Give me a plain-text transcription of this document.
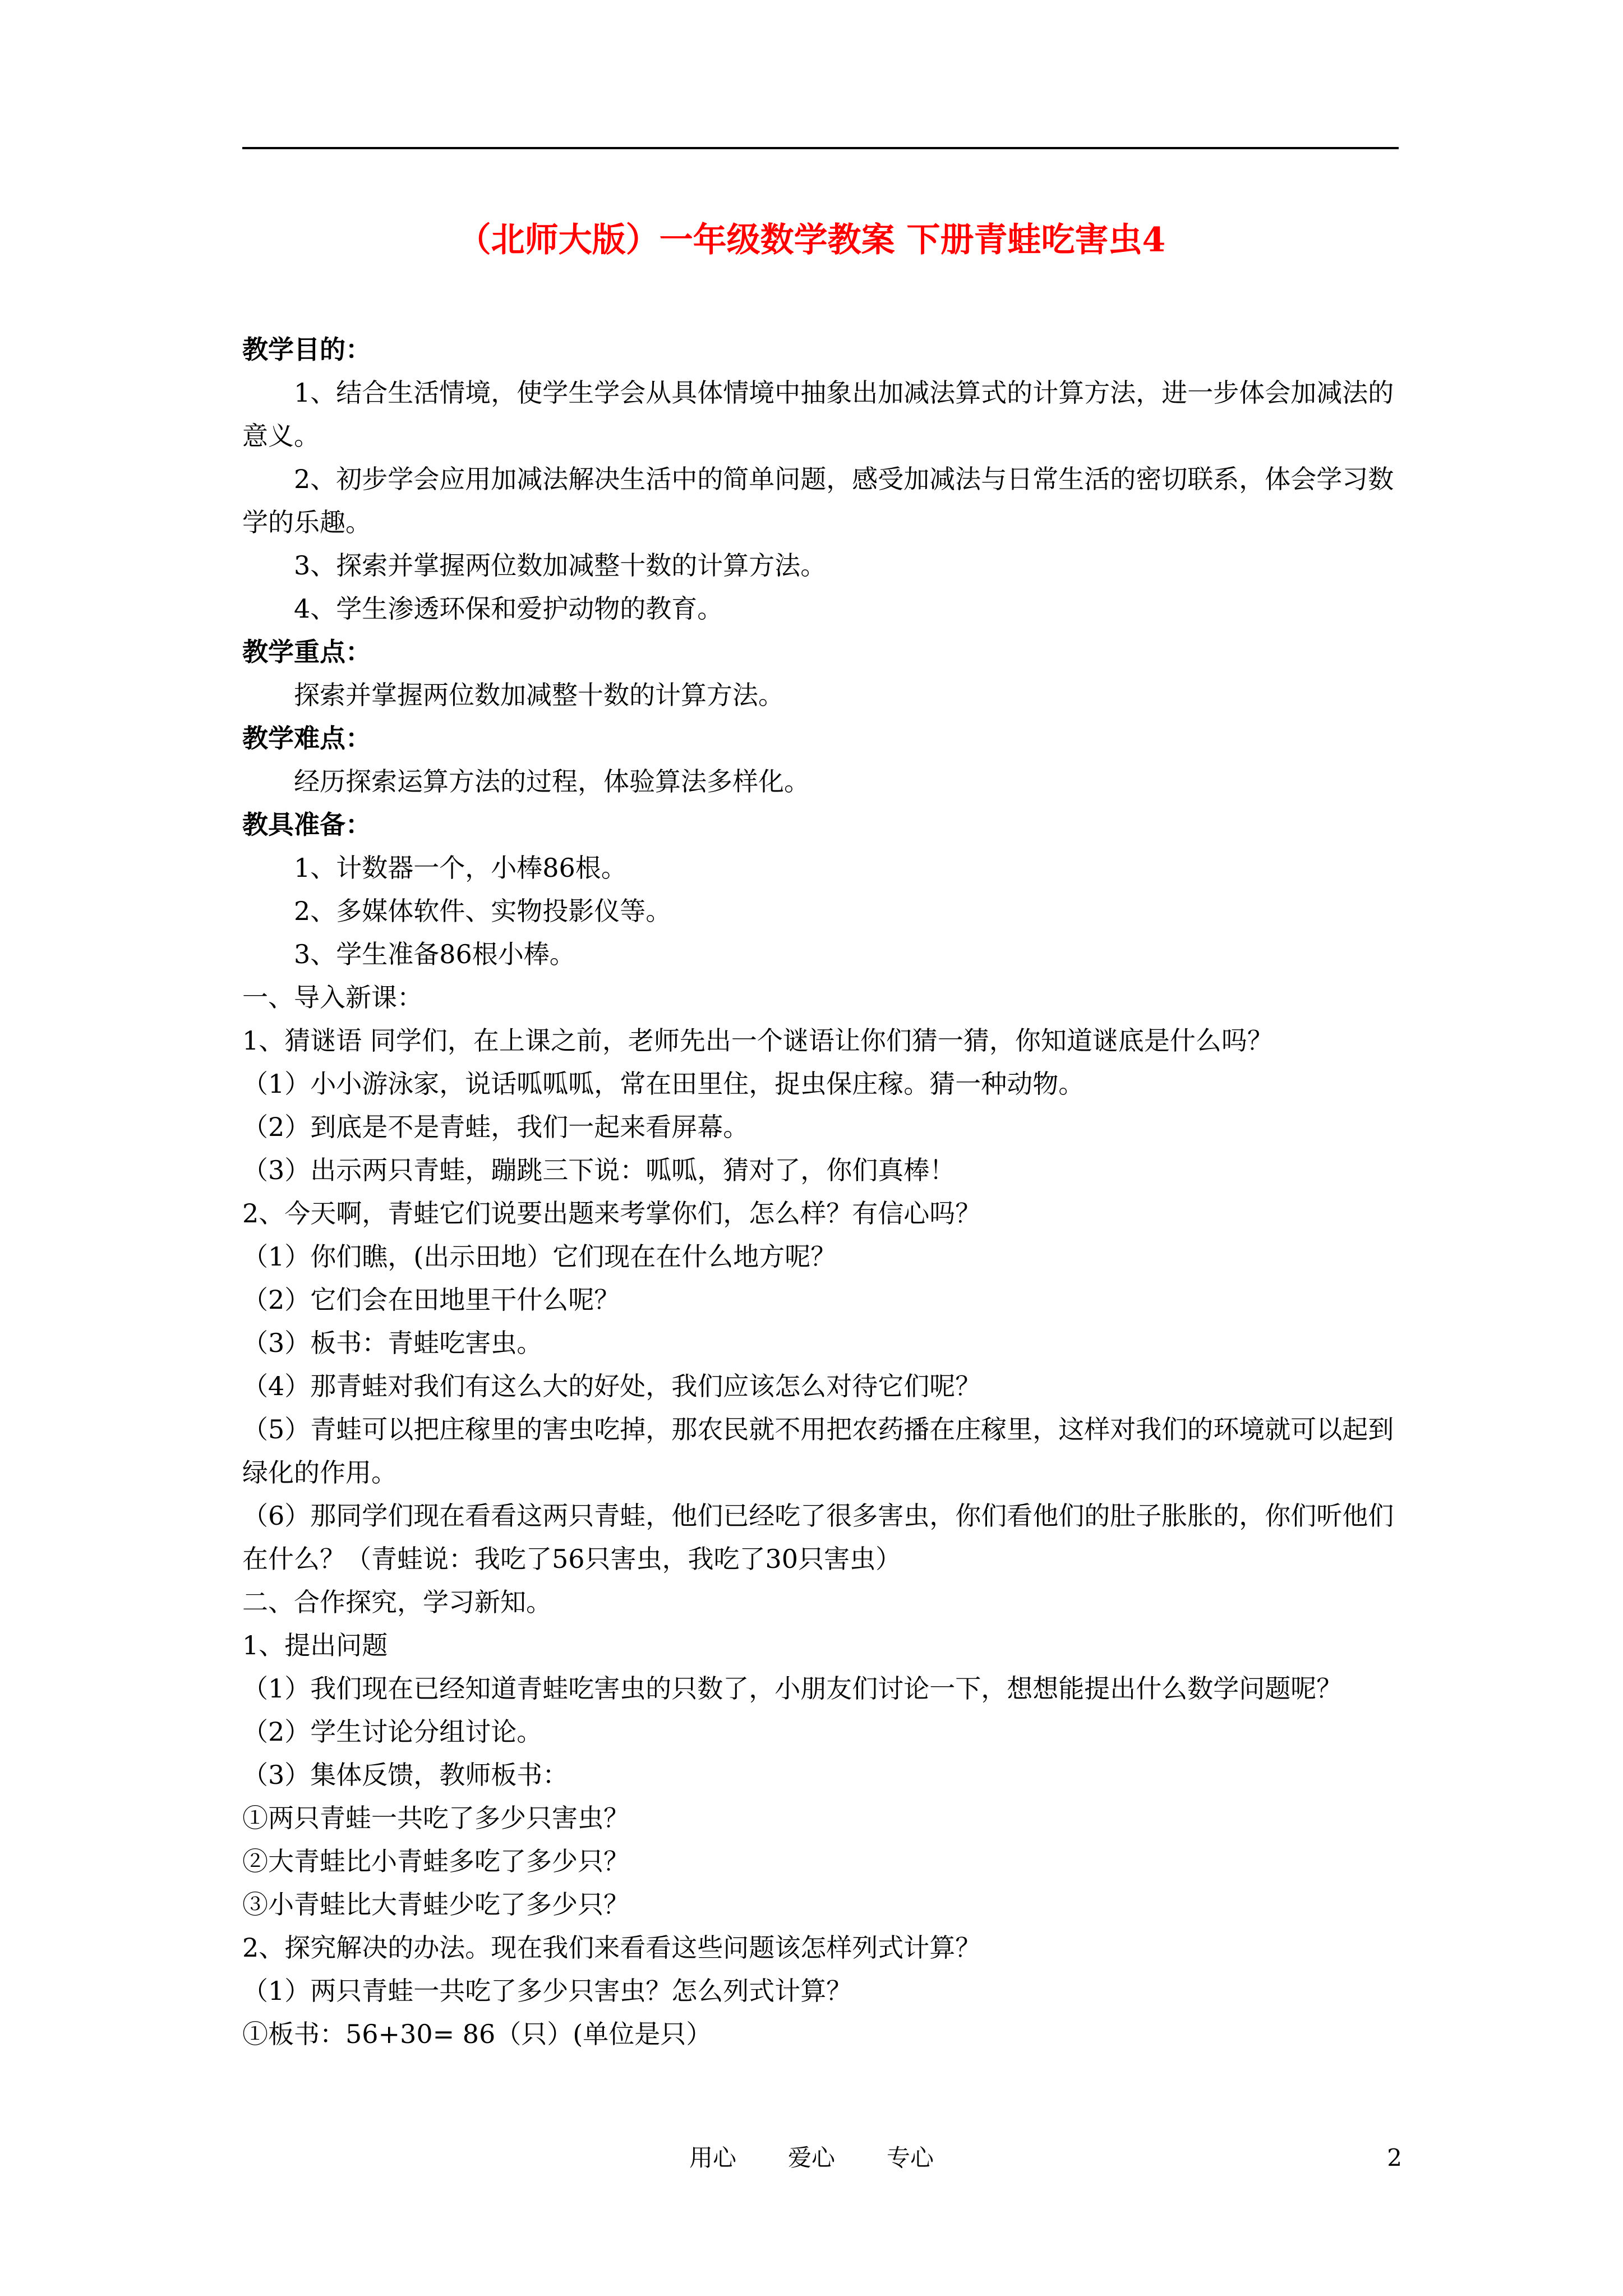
（北师大版）一年级数学教案 下册青蛙吃害虫4

教学目的：

1、结合生活情境，使学生学会从具体情境中抽象出加减法算式的计算方法，进一步体会加减法的意义。

2、初步学会应用加减法解决生活中的简单问题，感受加减法与日常生活的密切联系，体会学习数学的乐趣。

3、探索并掌握两位数加减整十数的计算方法。

4、学生渗透环保和爱护动物的教育。

教学重点：

探索并掌握两位数加减整十数的计算方法。

教学难点：

经历探索运算方法的过程，体验算法多样化。

教具准备：

1、计数器一个，小棒86根。

2、多媒体软件、实物投影仪等。

3、学生准备86根小棒。

一、导入新课：

1、猜谜语 同学们，在上课之前，老师先出一个谜语让你们猜一猜，你知道谜底是什么吗？

（1）小小游泳家，说话呱呱呱，常在田里住，捉虫保庄稼。猜一种动物。

（2）到底是不是青蛙，我们一起来看屏幕。

（3）出示两只青蛙，蹦跳三下说：呱呱，猜对了，你们真棒！

2、今天啊，青蛙它们说要出题来考掌你们，怎么样？有信心吗？

（1）你们瞧，(出示田地）它们现在在什么地方呢？

（2）它们会在田地里干什么呢？

（3）板书：青蛙吃害虫。

（4）那青蛙对我们有这么大的好处，我们应该怎么对待它们呢？

（5）青蛙可以把庄稼里的害虫吃掉，那农民就不用把农药播在庄稼里，这样对我们的环境就可以起到绿化的作用。

（6）那同学们现在看看这两只青蛙，他们已经吃了很多害虫，你们看他们的肚子胀胀的，你们听他们在什么？（青蛙说：我吃了56只害虫，我吃了30只害虫）

二、合作探究，学习新知。

1、提出问题

（1）我们现在已经知道青蛙吃害虫的只数了，小朋友们讨论一下，想想能提出什么数学问题呢？

（2）学生讨论分组讨论。

（3）集体反馈，教师板书：

①两只青蛙一共吃了多少只害虫？

②大青蛙比小青蛙多吃了多少只？

③小青蛙比大青蛙少吃了多少只？

2、探究解决的办法。现在我们来看看这些问题该怎样列式计算？

（1）两只青蛙一共吃了多少只害虫？怎么列式计算？

①板书：56+30= 86（只）(单位是只）

用心 爱心 专心	2
